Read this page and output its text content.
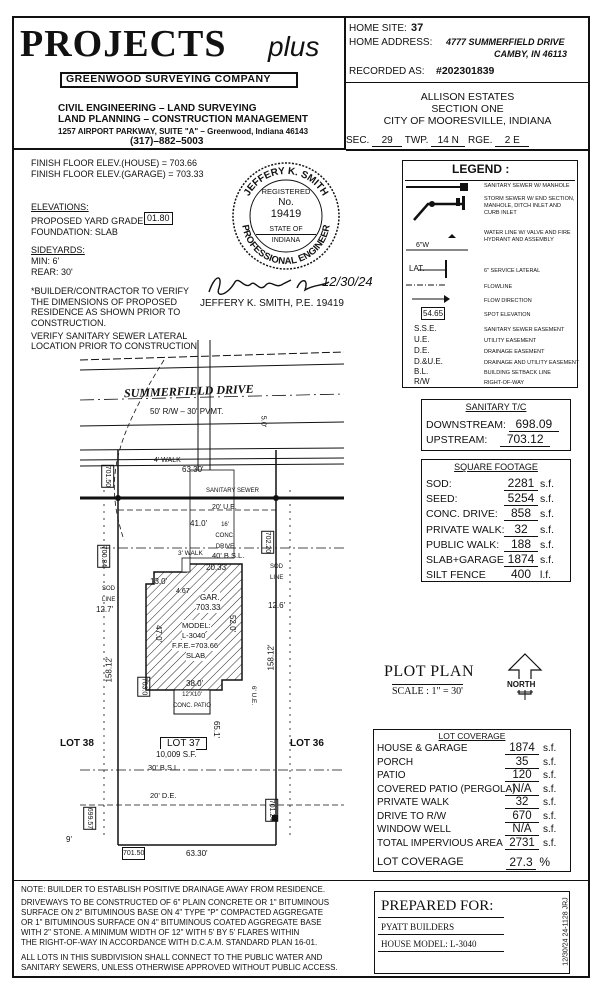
PROJECTS plus
GREENWOOD SURVEYING COMPANY
CIVIL ENGINEERING – LAND SURVEYING
LAND PLANNING – CONSTRUCTION MANAGEMENT
1257 AIRPORT PARKWAY, SUITE "A" – Greenwood, Indiana 46143
(317)–882–5003
HOME SITE: 37
HOME ADDRESS: 4777 SUMMERFIELD DRIVE
CAMBY, IN 46113
RECORDED AS: #202301839
ALLISON ESTATES
SECTION ONE
CITY OF MOORESVILLE, INDIANA
SEC. 29 TWP. 14 N RGE. 2 E
FINISH FLOOR ELEV.(HOUSE) = 703.66
FINISH FLOOR ELEV.(GARAGE) = 703.33
ELEVATIONS:
PROPOSED YARD GRADE: 01.80
FOUNDATION: SLAB
SIDEYARDS:
MIN: 6'
REAR: 30'
*BUILDER/CONTRACTOR TO VERIFY
THE DIMENSIONS OF PROPOSED
RESIDENCE AS SHOWN PRIOR TO
CONSTRUCTION.
VERIFY SANITARY SEWER LATERAL
LOCATION PRIOR TO CONSTRUCTION
JEFFERY K. SMITH
PROFESSIONAL ENGINEER
REGISTERED
No.
19419
STATE OF
INDIANA
12/30/24
JEFFERY K. SMITH, P.E. 19419
LEGEND :
6"W
LAT.
54.65
SANITARY SEWER W/ MANHOLE
STORM SEWER W/ END SECTION, MANHOLE, DITCH INLET AND CURB INLET
WATER LINE W/ VALVE AND FIRE HYDRANT AND ASSEMBLY
6" SERVICE LATERAL
FLOWLINE
FLOW DIRECTION
SPOT ELEVATION
S.S.E.	SANITARY SEWER EASEMENT
U.E.	UTILITY EASEMENT
D.E.	DRAINAGE EASEMENT
D.&U.E.	DRAINAGE AND UTILITY EASEMENT
B.L.	BUILDING SETBACK LINE
R/W	RIGHT-OF-WAY
SANITARY T/C
DOWNSTREAM: 698.09
UPSTREAM: 703.12
SQUARE FOOTAGE
SOD:	2281 s.f.
SEED:	5254 s.f.
CONC. DRIVE: 858 s.f.
PRIVATE WALK: 32 s.f.
PUBLIC WALK: 188 s.f.
SLAB+GARAGE 1874 s.f.
SILT FENCE 400 l.f.
PLOT PLAN
SCALE : 1" = 30'
NORTH
LOT COVERAGE
HOUSE & GARAGE	1874 s.f.
PORCH	35 s.f.
PATIO	120 s.f.
COVERED PATIO (PERGOLA)N/A s.f.
PRIVATE WALK	32 s.f.
DRIVE TO R/W	670 s.f.
WINDOW WELL	N/A s.f.
TOTAL IMPERVIOUS AREA 2731 s.f.
LOT COVERAGE	27.3 %
SUMMERFIELD DRIVE
50' R/W – 30' PVMT.
4' WALK
63.30'
SANITARY SEWER
20' U.E.
41.0'	16' CONC. DRIVE
40' B.S.L.
3' WALK
20.33'
13.0'
4.67
GAR.
703.33
MODEL:
L-3040
F.F.E.=703.66
SLAB
47.0'
52.0'
38.0'
12'X10' CONC. PATIO
12.7'	12.6'
158.12'	158.12'
LOT 38	LOT 37
10,009 S.F.
LOT 36
65.1'
30' B.S.L.
20' D.E.
63.30'
9'
SOD LINE
SOD LINE
701.50
700.84
702.20
703.0
701.24
699.57
701.50
6' U.E.
5.0'
NOTE: BUILDER TO ESTABLISH POSITIVE DRAINAGE AWAY FROM RESIDENCE.
DRIVEWAYS TO BE CONSTRUCTED OF 6" PLAIN CONCRETE OR 1" BITUMINOUS
SURFACE ON 2" BITUMINOUS BASE ON 4" TYPE "P" COMPACTED AGGREGATE
OR 1" BITUMINOUS SURFACE ON 4" BITUMINOUS COATED AGGREGATE BASE
WITH 2" STONE. A MINIMUM WIDTH OF 12" WITH 5' BY 5' FLARES WITHIN
THE RIGHT-OF-WAY IN ACCORDANCE WITH D.C.A.M. STANDARD PLAN 16-01.
ALL LOTS IN THIS SUBDIVISION SHALL CONNECT TO THE PUBLIC WATER AND
SANITARY SEWERS, UNLESS OTHERWISE APPROVED WITHOUT PUBLIC ACCESS.
PREPARED FOR:
PYATT BUILDERS
HOUSE MODEL: L-3040	12/30/24 24-1128 JRJ
